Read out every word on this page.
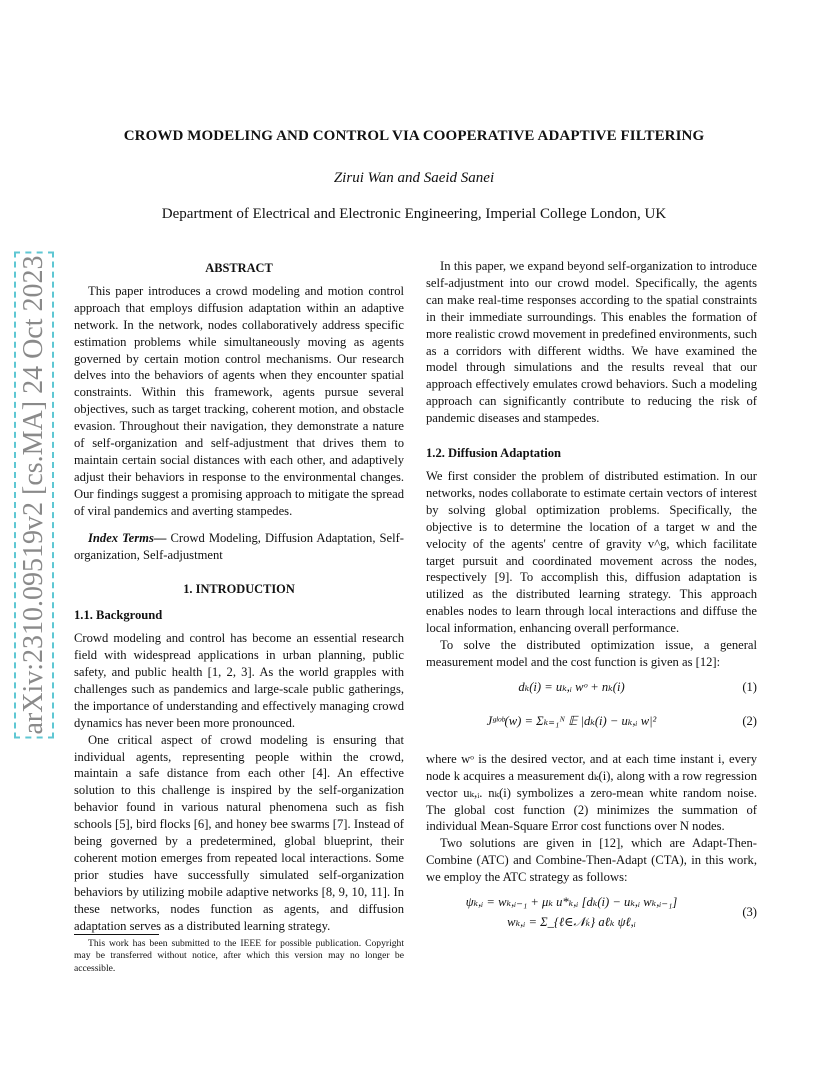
arXiv:2310.09519v2 [cs.MA] 24 Oct 2023
CROWD MODELING AND CONTROL VIA COOPERATIVE ADAPTIVE FILTERING
Zirui Wan and Saeid Sanei
Department of Electrical and Electronic Engineering, Imperial College London, UK
ABSTRACT

This paper introduces a crowd modeling and motion control approach that employs diffusion adaptation within an adaptive network. In the network, nodes collaboratively address specific estimation problems while simultaneously moving as agents governed by certain motion control mechanisms. Our research delves into the behaviors of agents when they encounter spatial constraints. Within this framework, agents pursue several objectives, such as target tracking, coherent motion, and obstacle evasion. Throughout their navigation, they demonstrate a nature of self-organization and self-adjustment that drives them to maintain certain social distances with each other, and adaptively adjust their behaviors in response to the environmental changes. Our findings suggest a promising approach to mitigate the spread of viral pandemics and averting stampedes.

Index Terms— Crowd Modeling, Diffusion Adaptation, Self-organization, Self-adjustment

1. INTRODUCTION
1.1. Background

Crowd modeling and control has become an essential research field with widespread applications in urban planning, public safety, and public health [1, 2, 3]. As the world grapples with challenges such as pandemics and large-scale public gatherings, the importance of understanding and effectively managing crowd dynamics has never been more pronounced.

One critical aspect of crowd modeling is ensuring that individual agents, representing people within the crowd, maintain a safe distance from each other [4]. An effective solution to this challenge is inspired by the self-organization behavior found in various natural phenomena such as fish schools [5], bird flocks [6], and honey bee swarms [7]. Instead of being governed by a predetermined, global blueprint, their coherent motion emerges from repeated local interactions. Some prior studies have successfully simulated self-organization behaviors by utilizing mobile adaptive networks [8, 9, 10, 11]. In these networks, nodes function as agents, and diffusion adaptation serves as a distributed learning strategy.

This work has been submitted to the IEEE for possible publication. Copyright may be transferred without notice, after which this version may no longer be accessible.

In this paper, we expand beyond self-organization to introduce self-adjustment into our crowd model. Specifically, the agents can make real-time responses according to the spatial constraints in their immediate surroundings. This enables the formation of more realistic crowd movement in predefined environments, such as a corridors with different widths. We have examined the model through simulations and the results reveal that our approach effectively emulates crowd behaviors. Such a modeling approach can significantly contribute to reducing the risk of pandemic diseases and stampedes.

1.2. Diffusion Adaptation

We first consider the problem of distributed estimation. In our networks, nodes collaborate to estimate certain vectors of interest by solving global optimization problems. Specifically, the objective is to determine the location of a target w and the velocity of the agents' centre of gravity v^g, which facilitate target pursuit and coordinated movement across the nodes, respectively [9]. To accomplish this, diffusion adaptation is utilized as the distributed learning strategy. This approach enables nodes to learn through local interactions and diffuse the local information, enhancing overall performance.

To solve the distributed optimization issue, a general measurement model and the cost function is given as [12]:

dₖ(i) = uₖ,ᵢ wᵒ + nₖ(i)	(1)
Jᵍˡᵒᵇ(w) = Σₖ₌₁ᴺ 𝔼 |dₖ(i) − uₖ,ᵢ w|²	(2)

where wᵒ is the desired vector, and at each time instant i, every node k acquires a measurement dₖ(i), along with a row regression vector uₖ,ᵢ. nₖ(i) symbolizes a zero-mean white random noise. The global cost function (2) minimizes the summation of individual Mean-Square Error cost functions over N nodes.

Two solutions are given in [12], which are Adapt-Then-Combine (ATC) and Combine-Then-Adapt (CTA), in this work, we employ the ATC strategy as follows:

ψₖ,ᵢ = wₖ,ᵢ₋₁ + μₖ u*ₖ,ᵢ [dₖ(i) − uₖ,ᵢ wₖ,ᵢ₋₁]
wₖ,ᵢ = Σ_{ℓ∈𝒩ₖ} aℓₖ ψℓ,ᵢ
(3)
